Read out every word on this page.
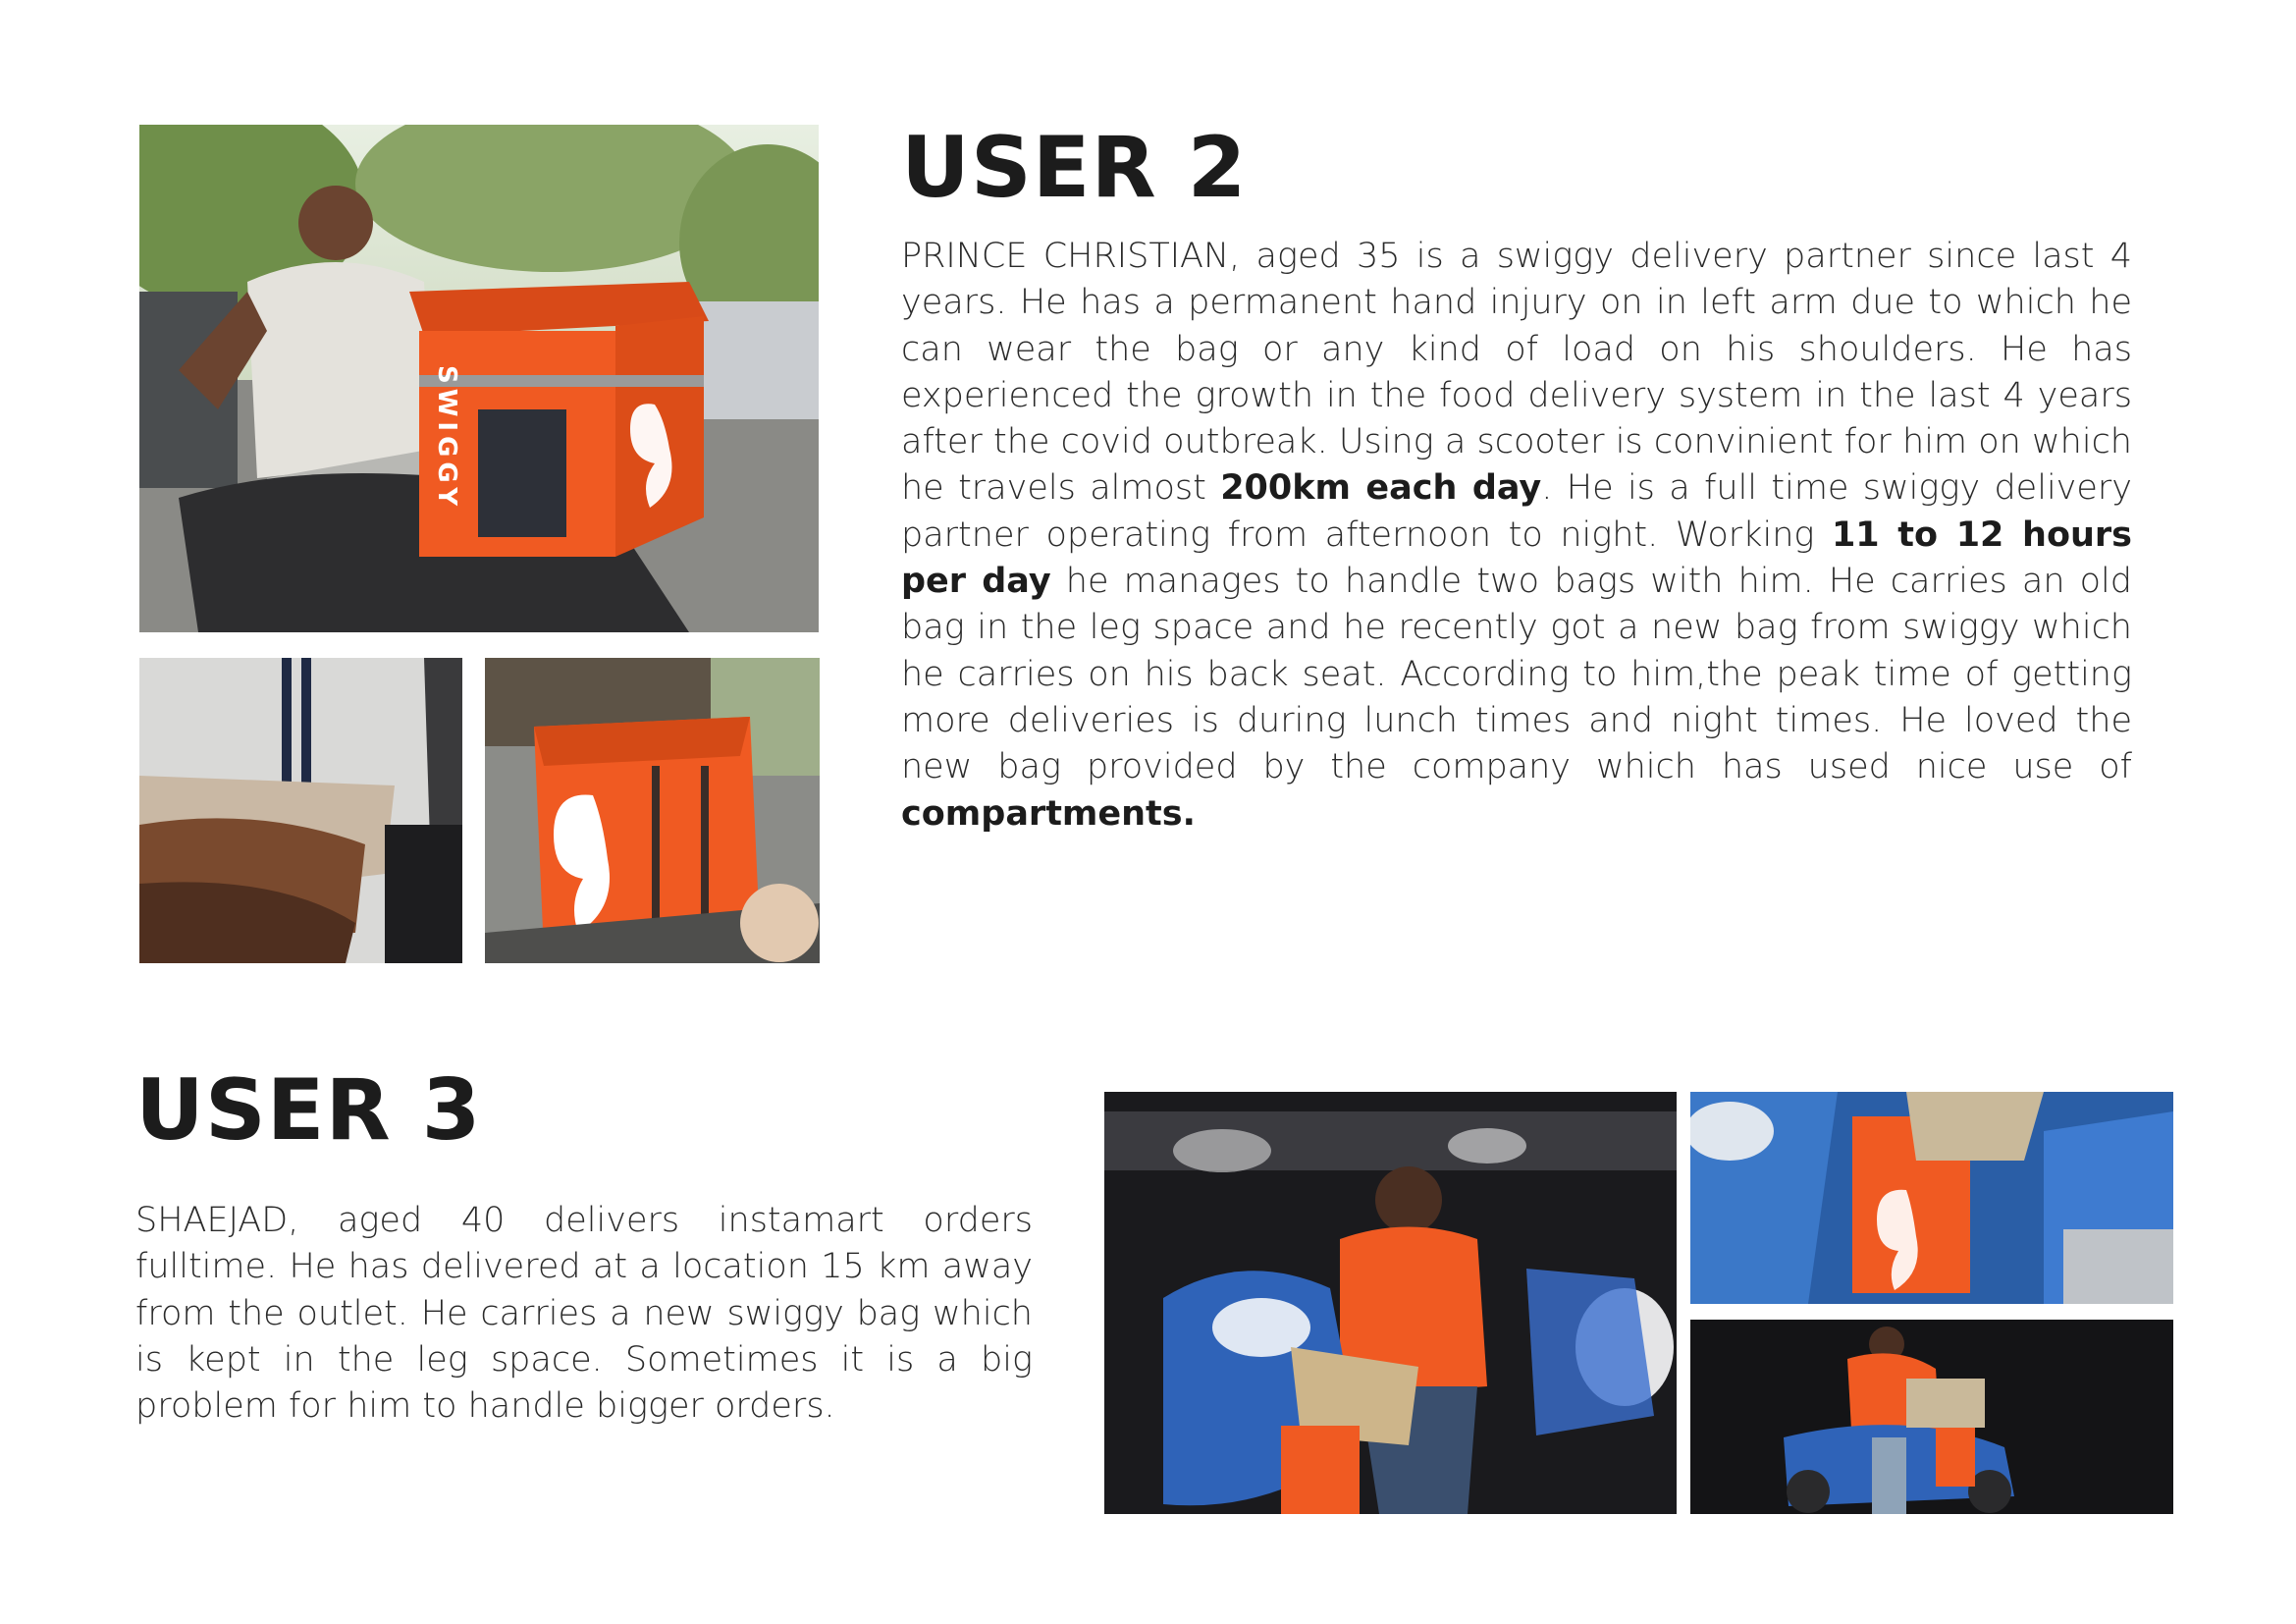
SWIGGY
USER 2

PRINCE CHRISTIAN, aged 35 is a swiggy delivery partner since last 4 years. He has a permanent hand injury on in left arm due to which he can wear the bag or any kind of load on his shoulders. He has experienced the growth in the food delivery system in the last 4 years after the covid outbreak. Using a scooter is convinient for him on which he travels almost 200km each day. He is a full time swiggy delivery partner operating from afternoon to night. Working 11 to 12 hours per day he manages to handle two bags with him. He carries an old bag in the leg space and he recently got a new bag from swiggy which he carries on his back seat. According to him,the peak time of getting more deliveries is during lunch times and night times. He loved the new bag provided by the company which has used nice use of compartments.

USER 3

SHAEJAD, aged 40 delivers instamart orders fulltime. He has delivered at a location 15 km away from the outlet. He carries a new swiggy bag which is kept in the leg space. Sometimes it is a big problem for him to handle bigger orders.
